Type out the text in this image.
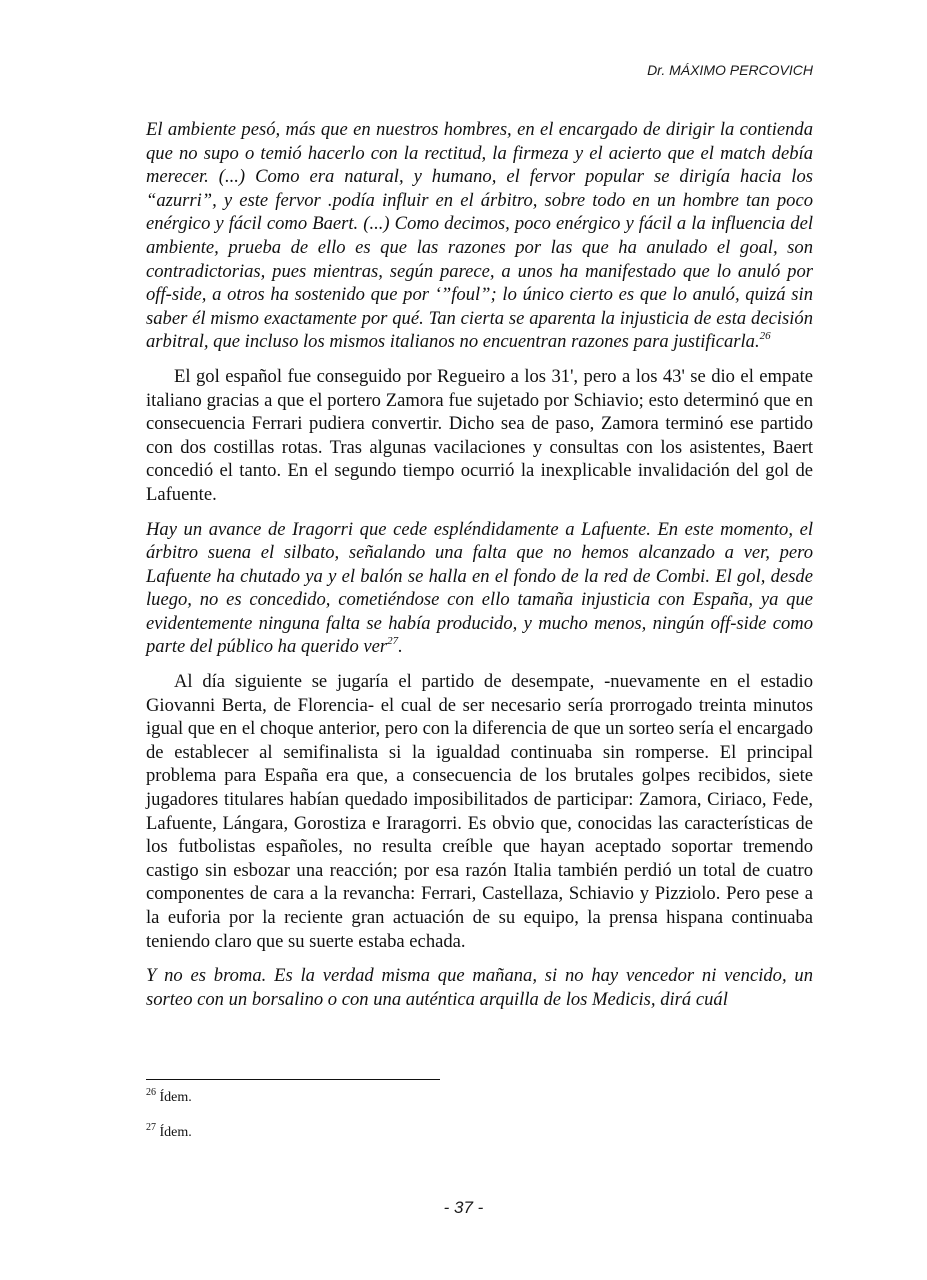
Dr. MÁXIMO PERCOVICH

El ambiente pesó, más que en nuestros hombres, en el encargado de dirigir la contienda que no supo o temió hacerlo con la rectitud, la firmeza y el acierto que el match debía merecer. (...) Como era natural, y humano, el fervor popular se dirigía hacia los “azurri”, y este fervor .podía influir en el árbitro, sobre todo en un hombre tan poco enérgico y fácil como Baert. (...) Como decimos, poco enérgico y fácil a la influencia del ambiente, prueba de ello es que las razones por las que ha anulado el goal, son contradictorias, pues mientras, según parece, a unos ha manifestado que lo anuló por off-side, a otros ha sostenido que por ‘”foul”; lo único cierto es que lo anuló, quizá sin saber él mismo exactamente por qué. Tan cierta se aparenta la injusticia de esta decisión arbitral, que incluso los mismos italianos no encuentran razones para justificarla.$^{26}$

El gol español fue conseguido por Regueiro a los 31', pero a los 43' se dio el empate italiano gracias a que el portero Zamora fue sujetado por Schiavio; esto determinó que en consecuencia Ferrari pudiera convertir. Dicho sea de paso, Zamora terminó ese partido con dos costillas rotas. Tras algunas vacilaciones y consultas con los asistentes, Baert concedió el tanto. En el segundo tiempo ocurrió la inexplicable invalidación del gol de Lafuente.

Hay un avance de Iragorri que cede espléndidamente a Lafuente. En este momento, el árbitro suena el silbato, señalando una falta que no hemos alcanzado a ver, pero Lafuente ha chutado ya y el balón se halla en el fondo de la red de Combi. El gol, desde luego, no es concedido, cometiéndose con ello tamaña injusticia con España, ya que evidentemente ninguna falta se había producido, y mucho menos, ningún off-side como parte del público ha querido ver$^{27}$.

Al día siguiente se jugaría el partido de desempate, -nuevamente en el estadio Giovanni Berta, de Florencia- el cual de ser necesario sería prorrogado treinta minutos igual que en el choque anterior, pero con la diferencia de que un sorteo sería el encargado de establecer al semifinalista si la igualdad continuaba sin romperse. El principal problema para España era que, a consecuencia de los brutales golpes recibidos, siete jugadores titulares habían quedado imposibilitados de participar: Zamora, Ciriaco, Fede, Lafuente, Lángara, Gorostiza e Iraragorri. Es obvio que, conocidas las características de los futbolistas españoles, no resulta creíble que hayan aceptado soportar tremendo castigo sin esbozar una reacción; por esa razón Italia también perdió un total de cuatro componentes de cara a la revancha: Ferrari, Castellaza, Schiavio y Pizziolo. Pero pese a la euforia por la reciente gran actuación de su equipo, la prensa hispana continuaba teniendo claro que su suerte estaba echada.

Y no es broma. Es la verdad misma que mañana, si no hay vencedor ni vencido, un sorteo con un borsalino o con una auténtica arquilla de los Medicis, dirá cuál

$^{26}$ Ídem.
$^{27}$ Ídem.
- 37 -
